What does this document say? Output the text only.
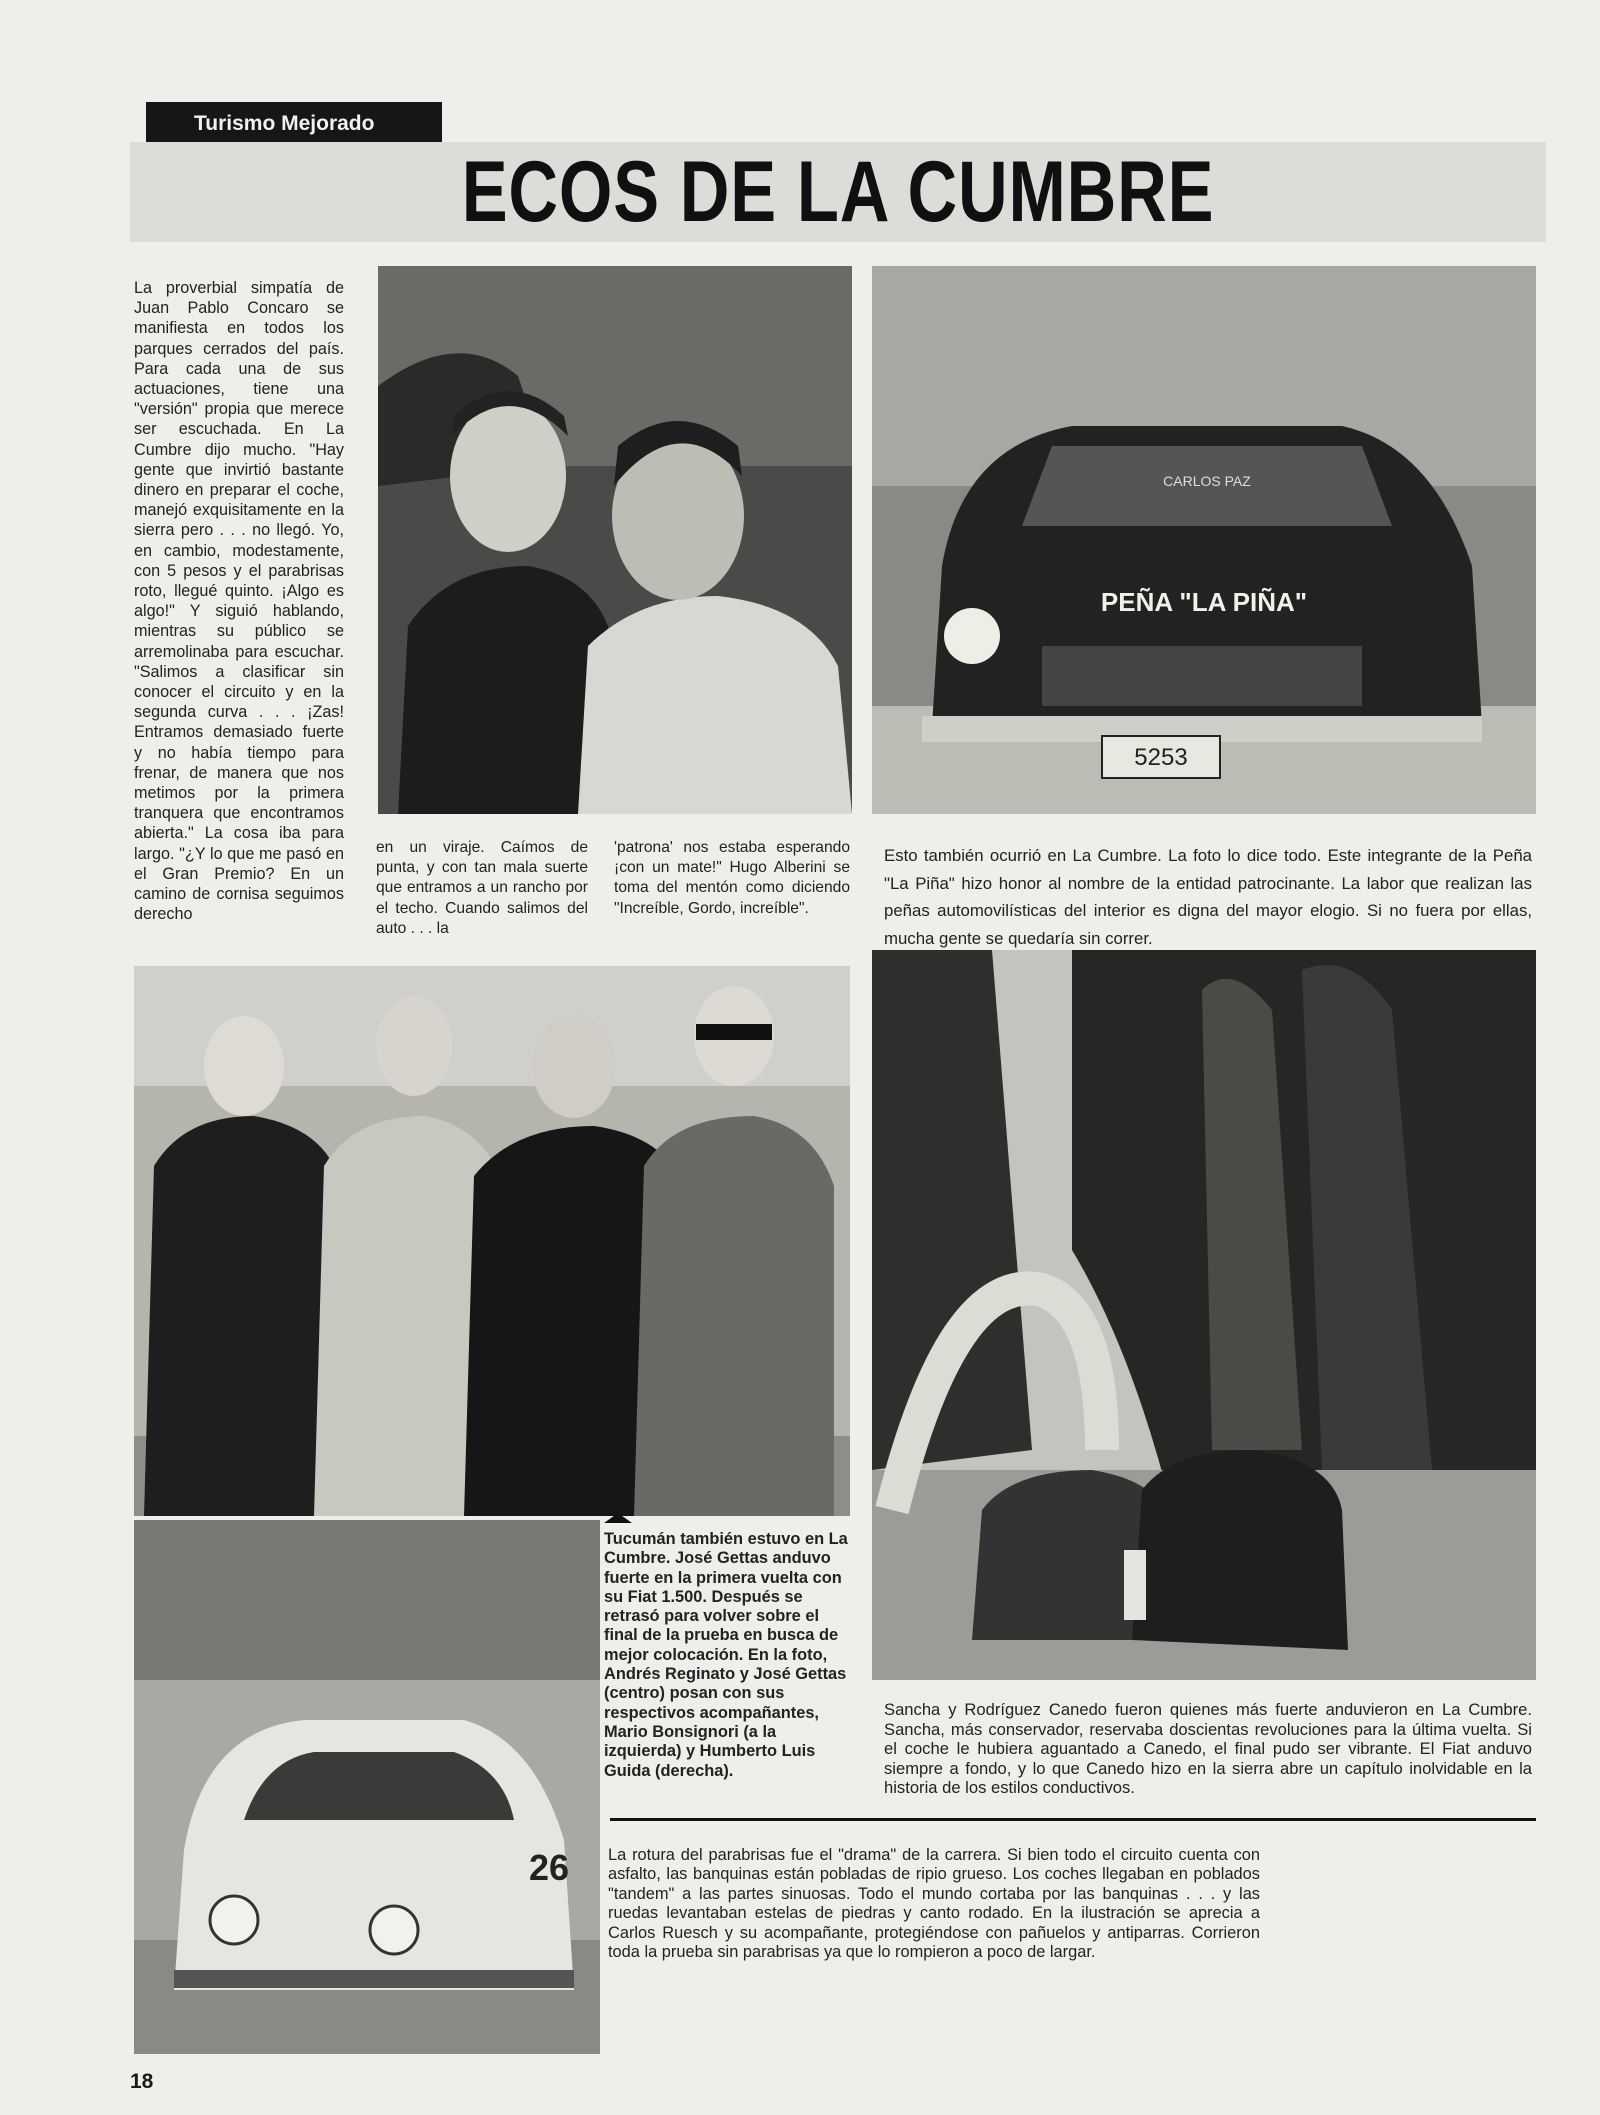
Turismo Mejorado
ECOS DE LA CUMBRE
La proverbial simpatía de Juan Pablo Concaro se manifiesta en todos los parques cerrados del país. Para cada una de sus actuaciones, tiene una "versión" propia que merece ser escuchada. En La Cumbre dijo mucho. "Hay gente que invirtió bastante dinero en preparar el coche, manejó exquisitamente en la sierra pero . . . no llegó. Yo, en cambio, modestamente, con 5 pesos y el parabrisas roto, llegué quinto. ¡Algo es algo!" Y siguió hablando, mientras su público se arremolinaba para escuchar. "Salimos a clasificar sin conocer el circuito y en la segunda curva . . . ¡Zas! Entramos demasiado fuerte y no había tiempo para frenar, de manera que nos metimos por la primera tranquera que encontramos abierta." La cosa iba para largo. "¿Y lo que me pasó en el Gran Premio? En un camino de cornisa seguimos derecho
5253
PEÑA "LA PIÑA"
CARLOS PAZ
en un viraje. Caímos de punta, y con tan mala suerte que entramos a un rancho por el techo. Cuando salimos del auto . . . la
'patrona' nos estaba esperando ¡con un mate!" Hugo Alberini se toma del mentón como diciendo "Increíble, Gordo, increíble".
Esto también ocurrió en La Cumbre. La foto lo dice todo. Este integrante de la Peña "La Piña" hizo honor al nombre de la entidad patrocinante. La labor que realizan las peñas automovilísticas del interior es digna del mayor elogio. Si no fuera por ellas, mucha gente se quedaría sin correr.
26
Tucumán también estuvo en La Cumbre. José Gettas anduvo fuerte en la primera vuelta con su Fiat 1.500. Después se retrasó para volver sobre el final de la prueba en busca de mejor colocación. En la foto, Andrés Reginato y José Gettas (centro) posan con sus respectivos acompañantes, Mario Bonsignori (a la izquierda) y Humberto Luis Guida (derecha).
Sancha y Rodríguez Canedo fueron quienes más fuerte anduvieron en La Cumbre. Sancha, más conservador, reservaba doscientas revoluciones para la última vuelta. Si el coche le hubiera aguantado a Canedo, el final pudo ser vibrante. El Fiat anduvo siempre a fondo, y lo que Canedo hizo en la sierra abre un capítulo inolvidable en la historia de los estilos conductivos.
La rotura del parabrisas fue el "drama" de la carrera. Si bien todo el circuito cuenta con asfalto, las banquinas están pobladas de ripio grueso. Los coches llegaban en poblados "tandem" a las partes sinuosas. Todo el mundo cortaba por las banquinas . . . y las ruedas levantaban estelas de piedras y canto rodado. En la ilustración se aprecia a Carlos Ruesch y su acompañante, protegiéndose con pañuelos y antiparras. Corrieron toda la prueba sin parabrisas ya que lo rompieron a poco de largar.
18
